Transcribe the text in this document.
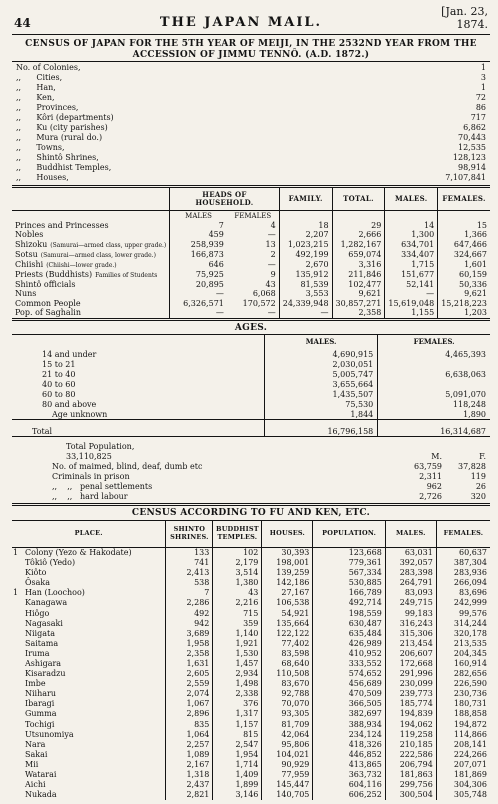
44	THE JAPAN MAIL.
[Jan. 23, 1874.
CENSUS OF JAPAN FOR THE 5TH YEAR OF MEIJI, IN THE 2532ND YEAR FROM THE ACCESSION OF JIMMU TENNÔ. (A.D. 1872.)
No. of Colonies,	1
,,      Cities,	3
,,      Han,	1
,,      Ken,	72
,,      Provinces,	86
,,      Kôri (departments)	717
,,      Ku (city parishes)	6,862
,,      Mura (rural do.)	70,443
,,      Towns,	12,535
,,      Shintô Shrines,	128,123
,,      Buddhist Temples,	98,914
,,      Houses,	7,107,841
	HEADS OF HOUSEHOLD.		FAMILY.	TOTAL.	MALES.	FEMALES.
	MALES	FEMALES				
Princes and Princesses	7	4	18	29	14	15
Nobles	459	—	2,207	2,666	1,300	1,366
Shizoku (Samurai—armed class, upper grade.)	258,939	13	1,023,215	1,282,167	634,701	647,466
Sotsu (Samurai—armed class, lower grade.)	166,873	2	492,199	659,074	334,407	324,667
Chiishi (Chiishi—lower grade.)	646	—	2,670	3,316	1,715	1,601
Priests (Buddhists) Families of Students	75,925	9	135,912	211,846	151,677	60,159
Shintô officials	20,895	43	81,539	102,477	52,141	50,336
Nuns	—	6,068	3,553	9,621	—	9,621
Common People	6,326,571	170,572	24,339,948	30,857,271	15,619,048	15,218,223
Pop. of Saghalin	—	—	—	2,358	1,155	1,203
AGES.
	MALES.	FEMALES.
14 and under	4,690,915	4,465,393
15 to 21	2,030,051	
21 to 40	5,005,747	6,638,063
40 to 60	3,655,664	
60 to 80	1,435,507	5,091,070
80 and above	75,530	118,248
Age unknown	1,844	1,890
Total	16,796,158	16,314,687
Total Population,
33,110,825	M.	F.
No. of maimed, blind, deaf, dumb etc	63,759	37,828
Criminals in prison	2,311	119
,,    ,,   penal settlements	962	26
,,    ,,   hard labour	2,726	320
CENSUS ACCORDING TO FU AND KEN, ETC.
PLACE.		SHINTO SHRINES.	BUDDHIST TEMPLES.	HOUSES.	POPULATION.	MALES.	FEMALES.
1	Colony (Yezo & Hakodate)	133	102	30,393	123,668	63,031	60,637
	Tôkiô (Yedo)	741	2,179	198,001	779,361	392,057	387,304
	Kiôto	2,413	3,514	139,259	567,334	283,398	283,936
	Ôsaka	538	1,380	142,186	530,885	264,791	266,094
1	Han (Loochoo)	7	43	27,167	166,789	83,093	83,696
	Kanagawa	2,286	2,216	106,538	492,714	249,715	242,999
	Hiôgo	492	715	54,921	198,559	99,183	99,576
	Nagasaki	942	359	135,664	630,487	316,243	314,244
	Niigata	3,689	1,140	122,122	635,484	315,306	320,178
	Saitama	1,958	1,921	77,402	426,989	213,454	213,535
	Iruma	2,358	1,530	83,598	410,952	206,607	204,345
	Ashigara	1,631	1,457	68,640	333,552	172,668	160,914
	Kisaradzu	2,605	2,934	110,508	574,652	291,996	282,656
	Imbe	2,559	1,498	83,670	456,689	230,099	226,590
	Niiharu	2,074	2,338	92,788	470,509	239,773	230,736
	Ibaragi	1,067	376	70,070	366,505	185,774	180,731
	Gumma	2,896	1,317	93,305	382,697	194,839	188,858
	Tochigi	835	1,157	81,709	388,934	194,062	194,872
	Utsunomiya	1,064	815	42,064	234,124	119,258	114,866
	Nara	2,257	2,547	95,806	418,326	210,185	208,141
	Sakai	1,089	1,954	104,021	446,852	222,586	224,266
	Mii	2,167	1,714	90,929	413,865	206,794	207,071
	Watarai	1,318	1,409	77,959	363,732	181,863	181,869
	Aichi	2,437	1,899	145,447	604,116	299,756	304,306
	Nukada	2,821	3,146	140,705	606,252	300,504	305,748
